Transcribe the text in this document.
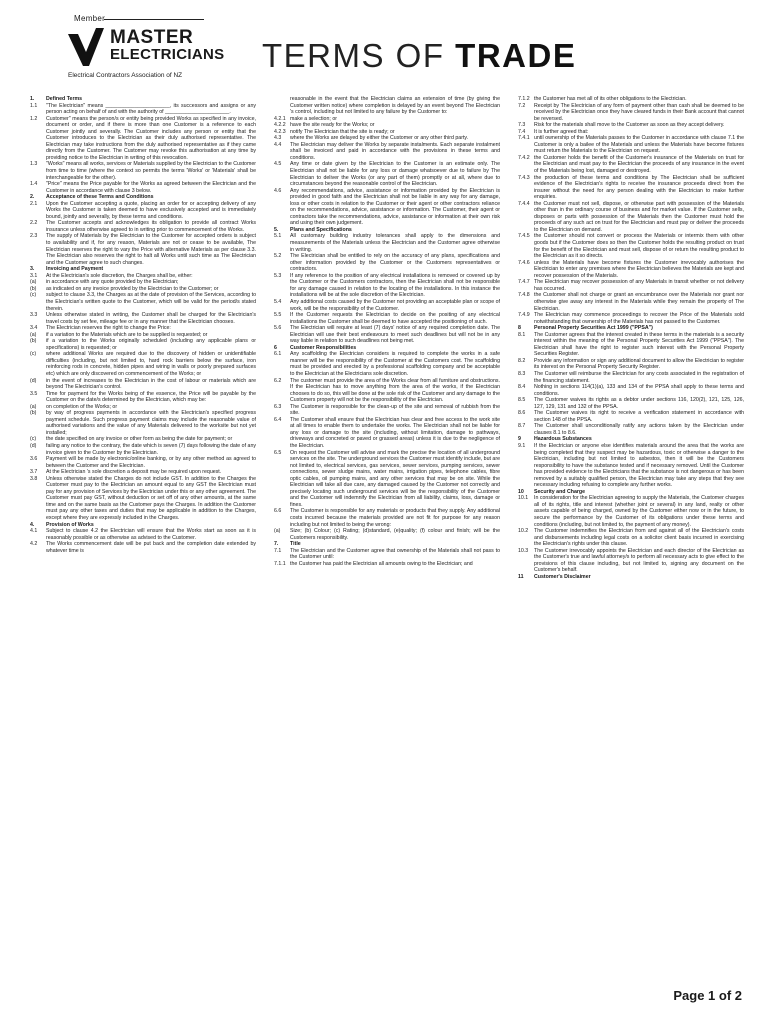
Member
MASTER
ELECTRICIANS
Electrical Contractors Association of NZ
TERMS OF TRADE
1.	Defined Terms
1.1	"The Electrician" means ______________________, its successors and assigns or any person acting on behalf of and with the authority of ______________________.
1.2	Customer" means the person/s or entity being provided Works as specified in any invoice, document or order, and if there is more than one Customer is a reference to each Customer jointly and severally. The Customer includes any person or entity that the Customer introduces to the Electrician as their duly authorised representative. The Electrician may take instructions from the duly authorised representative as if they came directly from the Customer. The Customer may revoke this authorisation at any time by providing notice to the Electrician in writing of this revocation.
1.3	"Works" means all works, services or Materials supplied by the Electrician to the Customer from time to time (where the context so permits the terms 'Works' or 'Materials' shall be interchangeable for the other).
1.4	"Price" means the Price payable for the Works as agreed between the Electrician and the Customer in accordance with clause 3 below.
2.	Acceptance of these Terms and Conditions
2.1	Upon the Customer accepting a quote, placing an order for or accepting delivery of any Works the Customer is taken deemed to have exclusively accepted and is immediately bound, jointly and severally, by these terms and conditions.
2.2	The Customer accepts and acknowledges its obligation to provide all contract Works insurance unless otherwise agreed to in writing prior to commencement of the Works.
2.3	The supply of Materials by the Electrician to the Customer for accepted orders is subject to availability and if, for any reason, Materials are not or cease to be available, The Electrician reserves the right to vary the Price with alternative Materials as per clause 3.3. The Electrician also reserves the right to halt all Works until such time as The Electrician and the Customer agree to such changes.
3.	Invoicing and Payment
3.1	At the Electrician's sole discretion, the Charges shall be, either:
(a)	in accordance with any quote provided by the Electrician;
(b)	as indicated on any invoice provided by the Electrician to the Customer; or
(c)	subject to clause 3.3, the Charges as at the date of provision of the Services, according to the Electrician's written quote to the Customer, which will be valid for the period/s stated therein.
3.3	Unless otherwise stated in writing, the Customer shall be charged for the Electrician's travel costs by set fee, mileage fee or in any manner that the Electrician chooses.
3.4	The Electrician reserves the right to change the Price:
(a)	if a variation to the Materials which are to be supplied is requested; or
(b)	if a variation to the Works originally scheduled (including any applicable plans or specifications) is requested; or
(c)	where additional Works are required due to the discovery of hidden or unidentifiable difficulties (including, but not limited to, hard rock barriers below the surface, iron reinforcing rods in concrete, hidden pipes and wiring in walls or poorly prepared surfaces etc) which are only discovered on commencement of the Works; or
(d)	in the event of increases to the Electrician in the cost of labour or materials which are beyond The Electrician's control.
3.5	Time for payment for the Works being of the essence, the Price will be payable by the Customer on the date/s determined by the Electrician, which may be:
(a)	on completion of the Works; or
(b)	by way of progress payments in accordance with the Electrician's specified progress payment schedule. Such progress payment claims may include the reasonable value of authorised variations and the value of any Materials delivered to the worksite but not yet installed;
(c)	the date specified on any invoice or other form as being the date for payment; or
(d)	failing any notice to the contrary, the date which is seven (7) days following the date of any invoice given to the Customer by the Electrician.
3.6	Payment will be made by electronic/online banking, or by any other method as agreed to between the Customer and the Electrician.
3.7	At the Electrician 's sole discretion a deposit may be required upon request.
3.8	Unless otherwise stated the Charges do not include GST. In addition to the Charges the Customer must pay to the Electrician an amount equal to any GST the Electrician must pay for any provision of Services by the Electrician under this or any other agreement. The Customer must pay GST, without deduction or set off of any other amounts, at the same time and on the same basis as the Customer pays the Charges. In addition the Customer must pay any other taxes and duties that may be applicable in addition to the Charges, except where they are expressly included in the Charges.
4.	Provision of Works
4.1	Subject to clause 4.2 the Electrician will ensure that the Works start as soon as it is reasonably possible or as otherwise as advised to the Customer.
4.2	The Works commencement date will be put back and the completion date extended by whatever time is
reasonable in the event that the Electrician claims an extension of time (by giving the Customer written notice) where completion is delayed by an event beyond The Electrician 's control, including but not limited to any failure by the Customer to:
4.2.1 make a selection; or
4.2.2 have the site ready for the Works; or
4.2.3 notify The Electrician that the site is ready; or
4.3	where the Works are delayed by either the Customer or any other third party.
4.4	The Electrician may deliver the Works by separate instalments. Each separate instalment shall be invoiced and paid in accordance with the provisions in these terms and conditions.
4.5	Any time or date given by the Electrician to the Customer is an estimate only. The Electrician shall not be liable for any loss or damage whatsoever due to failure by The Electrician to deliver the Works (or any part of them) promptly or at all, where due to circumstances beyond the reasonable control of the Electrician.
4.6	Any recommendations, advice, assistance or information provided by the Electrician is provided in good faith and the Electrician shall not be liable in any way for any damage, loss or other costs in relation to the Customer or their agent or other contractors reliance on the recommendations, advice, assistance or information. The Customer, their agent or contractors take the recommendations, advice, assistance or information at their own risk and using their own judgement.
5.	Plans and Specifications
5.1	All customary building industry tolerances shall apply to the dimensions and measurements of the Materials unless the Electrician and the Customer agree otherwise in writing.
5.2	The Electrician shall be entitled to rely on the accuracy of any plans, specifications and other information provided by the Customer or the Customers representatives or contractors.
5.3	If any reference to the position of any electrical installations is removed or covered up by the Customer or the Customers contractors, then the Electrician shall not be responsible for any damage caused in relation to the locating of the installations. In this instance the installations will be at the sole discretion of the Electrician.
5.4	Any additional costs caused by the Customer not providing an acceptable plan or scope of work, will be the responsibility of the Customer.
5.5	If the Customer requests the Electrician to decide on the positing of any electrical installations the Customer shall be deemed to have accepted the positioning of such.
5.6	The Electrician will require at least (7) days' notice of any required completion date. The Electrician will use their best endeavours to meet such deadlines but will not be in any way liable in relation to such deadlines not being met.
6	Customer Responsibilities
6.1	Any scaffolding the Electrician considers is required to complete the works in a safe manner will be the responsibility of the Customer at the Customers cost. The scaffolding must be provided and erected by a professional scaffolding company and be acceptable to the Electrician at the Electricians sole discretion.
6.2	The customer must provide the area of the Works clear from all furniture and obstructions. If the Electrician has to move anything from the area of the works, if the Electrician chooses to do so, this will be done at the sole risk of the Customer and any damage to the Customers property will not be the responsibility of the Electrician.
6.3	The Customer is responsible for the clean-up of the site and removal of rubbish from the site.
6.4	The Customer shall ensure that the Electrician has clear and free access to the work site at all times to enable them to undertake the works. The Electrician shall not be liable for any loss or damage to the site (including, without limitation, damage to pathways, driveways and concreted or paved or grassed areas) unless it is due to the negligence of the Electrician.
6.5	On request the Customer will advise and mark the precise the location of all underground services on the site. The underground services the Customer must identify include, but are not limited to, electrical services, gas services, sewer services, pumping services, sewer connections, sewer sludge mains, water mains, irrigation pipes, telephone cables, fibre optic cables, oil pumping mains, and any other services that may be on site. While the Electrician will take all due care, any damaged caused by the Customer not correctly and precisely locating such underground services will be the responsibility of the Customer and the Customer will indemnify the Electrician from all liability, claims, loss, damage or fines.
6.6	The Customer is responsible for any materials or products that they supply. Any additional costs incurred because the materials provided are not fit for purpose for any reason including but not limited to being the wrong:
(a)	Size; (b) Colour; (c) Rating; (d)standard, (e)quality; (f) colour and finish; will be the Customers responsibility.
7.	Title
7.1	The Electrician and the Customer agree that ownership of the Materials shall not pass to the Customer until:
7.1.1 the Customer has paid the Electrician all amounts owing to the Electrician; and
7.1.2 the Customer has met all of its other obligations to the Electrician.
7.2	Receipt by The Electrician of any form of payment other than cash shall be deemed to be received by the Electrician once they have cleared funds in their Bank account that cannot be reversed.
7.3	Risk for the materials shall move to the Customer as soon as they accept delivery.
7.4	It is further agreed that:
7.4.1 until ownership of the Materials passes to the Customer in accordance with clause 7.1 the Customer is only a bailee of the Materials and unless the Materials have become fixtures must return the Materials to the Electrician on request.
7.4.2 the Customer holds the benefit of the Customer's insurance of the Materials on trust for the Electrician and must pay to the Electrician the proceeds of any insurance in the event of the Materials being lost, damaged or destroyed.
7.4.3 the production of these terms and conditions by The Electrician shall be sufficient evidence of the Electrician's rights to receive the insurance proceeds direct from the insurer without the need for any person dealing with the Electrician to make further enquiries.
7.4.4 the Customer must not sell, dispose, or otherwise part with possession of the Materials other than in the ordinary course of business and for market value. If the Customer sells, disposes or parts with possession of the Materials then the Customer must hold the proceeds of any such act on trust for the Electrician and must pay or deliver the proceeds to the Electrician on demand.
7.4.5 the Customer should not convert or process the Materials or intermix them with other goods but if the Customer does so then the Customer holds the resulting product on trust for the benefit of the Electrician and must sell, dispose of or return the resulting product to the Electrician as it so directs.
7.4.6 unless the Materials have become fixtures the Customer irrevocably authorises the Electrician to enter any premises where the Electrician believes the Materials are kept and recover possession of the Materials.
7.4.7 The Electrician may recover possession of any Materials in transit whether or not delivery has occurred.
7.4.8 the Customer shall not charge or grant an encumbrance over the Materials nor grant nor otherwise give away any interest in the Materials while they remain the property of The Electrician.
7.4.9 The Electrician may commence proceedings to recover the Price of the Materials sold notwithstanding that ownership of the Materials has not passed to the Customer.
8	Personal Property Securities Act 1999 ("PPSA")
8.1	The Customer agrees that the interest created in these terms in the materials is a security interest within the meaning of the Personal Property Securities Act 1999 ("PPSA"). The Electrician shall have the right to register such interest with the Personal Property Securities Register.
8.2	Provide any information or sign any additional document to allow the Electrician to register its interest on the Personal Property Security Register.
8.3	The Customer will reimburse the Electrician for any costs associated in the registration of the financing statement.
8.4	Nothing in sections 114(1)(a), 133 and 134 of the PPSA shall apply to these terms and conditions.
8.5	The Customer waives its rights as a debtor under sections 116, 120(2), 121, 125, 126, 127, 129, 131 and 132 of the PPSA.
8.6	The Customer waives its right to receive a verification statement in accordance with section 148 of the PPSA.
8.7	The Customer shall unconditionally ratify any actions taken by the Electrician under clauses 8.1 to 8.6.
9	Hazardous Substances
9.1	If the Electrician or anyone else identifies materials around the area that the works are being completed that they suspect may be hazardous, toxic or otherwise a danger to the Electrician, including but not limited to asbestos, then it will be the Customers responsibility to have the substance tested and if necessary removed. Until the Customer has provided evidence to the Electricians that the substance is not dangerous or has been removed by a suitably qualified person, the Electrician may take any steps that they see necessary including refusing to complete any further works.
10	Security and Charge
10.1	In consideration for the Electrician agreeing to supply the Materials, the Customer charges all of its rights, title and interest (whether joint or several) in any land, realty or other assets capable of being charged, owned by the Customer either now or in the future, to secure the performance by the Customer of its obligations under these terms and conditions (including, but not limited to, the payment of any money).
10.2	The Customer indemnifies the Electrician from and against all of the Electrician's costs and disbursements including legal costs on a solicitor client basis incurred in exercising the Electrician's rights under this clause.
10.3	The Customer irrevocably appoints the Electrician and each director of the Electrician as the Customer's true and lawful attorney/s to perform all necessary acts to give effect to the provisions of this clause including, but not limited to, signing any document on the Customer's behalf.
11	Customer's Disclaimer
Page 1 of 2
